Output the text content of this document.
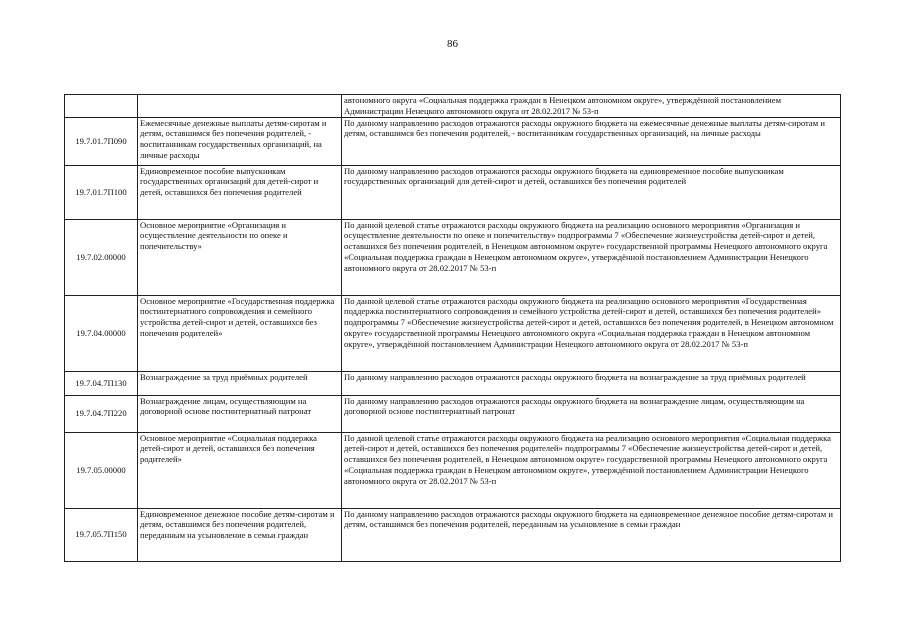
86
		автономного округа «Социальная поддержка граждан в Ненецком автономном округе», утверждённой постановлением Администрации Ненецкого автономного округа от 28.02.2017 № 53-п
19.7.01.7П090	Ежемесячные денежные выплаты детям-сиротам и детям, оставшимся без попечения родителей, - воспитанникам государственных организаций, на личные расходы	По данному направлению расходов отражаются расходы окружного бюджета на ежемесячные денежные выплаты детям-сиротам и детям, оставшимся без попечения родителей, - воспитанникам государственных организаций, на личные расходы
19.7.01.7П100	Единовременное пособие выпускникам государственных организаций для детей-сирот и детей, оставшихся без попечения родителей	По данному направлению расходов отражаются расходы окружного бюджета на единовременное пособие выпускникам государственных организаций для детей-сирот и детей, оставшихся без попечения родителей
19.7.02.00000	Основное мероприятие «Организация и осуществление деятельности по опеке и попечительству»	По данной целевой статье отражаются расходы окружного бюджета на реализацию основного мероприятия «Организация и осуществление деятельности по опеке и попечительству» подпрограммы 7 «Обеспечение жизнеустройства детей-сирот и детей, оставшихся без попечения родителей, в Ненецком автономном округе» государственной программы Ненецкого автономного округа «Социальная поддержка граждан в Ненецком автономном округе», утверждённой постановлением Администрации Ненецкого автономного округа от 28.02.2017 № 53-п
19.7.04.00000	Основное мероприятие «Государственная поддержка постинтернатного сопровождения и семейного устройства детей-сирот и детей, оставшихся без попечения родителей»	По данной целевой статье отражаются расходы окружного бюджета на реализацию основного мероприятия «Государственная поддержка постинтернатного сопровождения и семейного устройства детей-сирот и детей, оставшихся без попечения родителей» подпрограммы 7 «Обеспечение жизнеустройства детей-сирот и детей, оставшихся без попечения родителей, в Ненецком автономном округе» государственной программы Ненецкого автономного округа «Социальная поддержка граждан в Ненецком автономном округе», утверждённой постановлением Администрации Ненецкого автономного округа от 28.02.2017 № 53-п
19.7.04.7П130	Вознаграждение за труд приёмных родителей	По данному направлению расходов отражаются расходы окружного бюджета на вознаграждение за труд приёмных родителей
19.7.04.7П220	Вознаграждение лицам, осуществляющим на договорной основе постинтернатный патронат	По данному направлению расходов отражаются расходы окружного бюджета на вознаграждение лицам, осуществляющим на договорной основе постинтернатный патронат
19.7.05.00000	Основное мероприятие «Социальная поддержка детей-сирот и детей, оставшихся без попечения родителей»	По данной целевой статье отражаются расходы окружного бюджета на реализацию основного мероприятия «Социальная поддержка детей-сирот и детей, оставшихся без попечения родителей» подпрограммы 7 «Обеспечение жизнеустройства детей-сирот и детей, оставшихся без попечения родителей, в Ненецком автономном округе» государственной программы Ненецкого автономного округа «Социальная поддержка граждан в Ненецком автономном округе», утверждённой постановлением Администрации Ненецкого автономного округа от 28.02.2017 № 53-п
19.7.05.7П150	Единовременное денежное пособие детям-сиротам и детям, оставшимся без попечения родителей, переданным на усыновление в семьи граждан	По данному направлению расходов отражаются расходы окружного бюджета на единовременное денежное пособие детям-сиротам и детям, оставшимся без попечения родителей, переданным на усыновление в семьи граждан
